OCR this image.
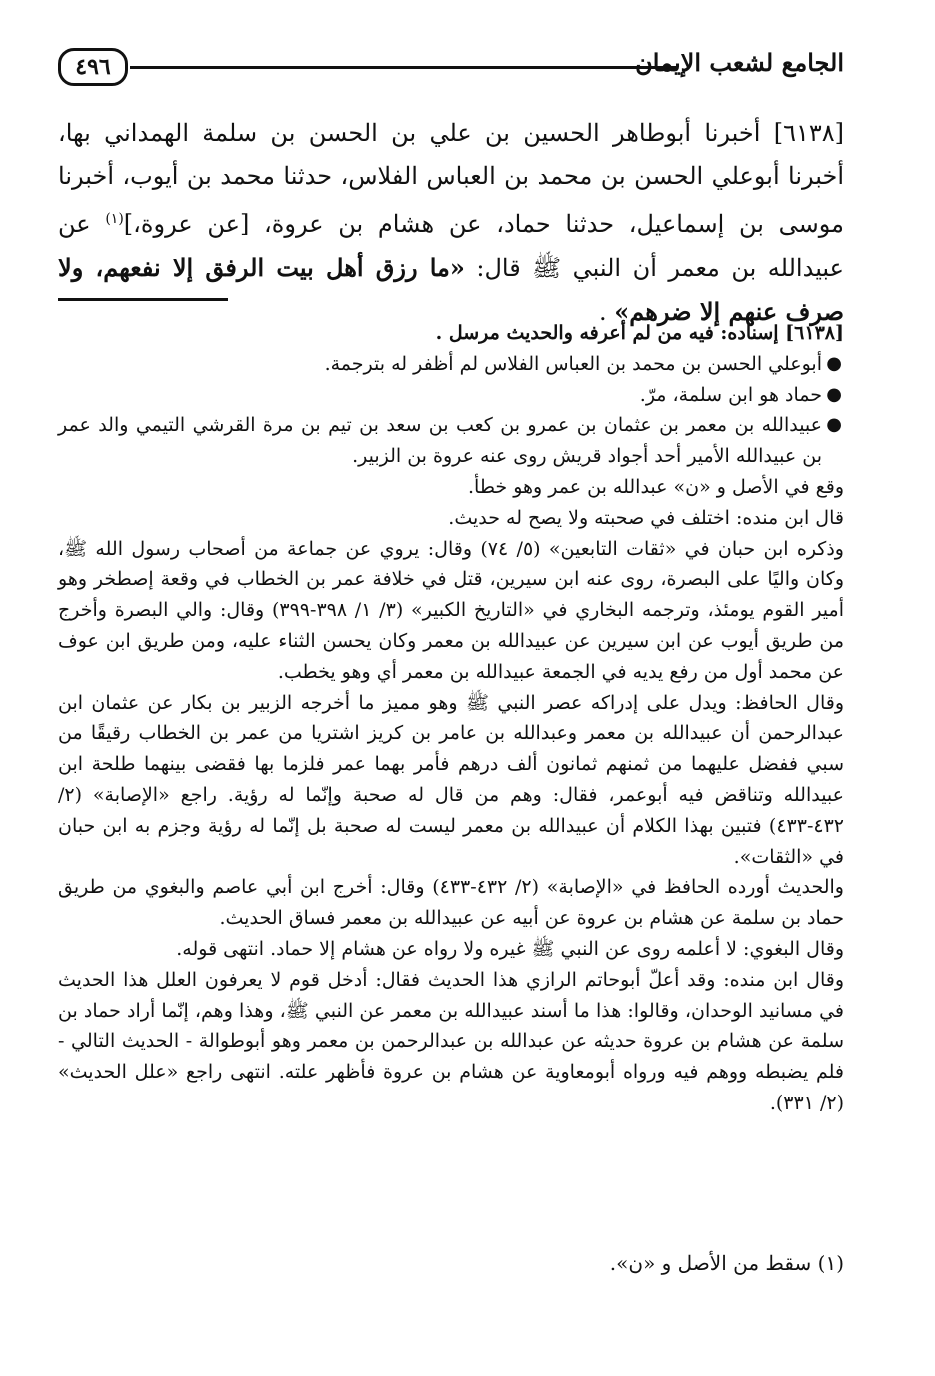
٤٩٦	الجامع لشعب الإيمان

[٦١٣٨] أخبرنا أبوطاهر الحسين بن علي بن الحسن بن سلمة الهمداني بها، أخبرنا أبوعلي الحسن بن محمد بن العباس الفلاس، حدثنا محمد بن أيوب، أخبرنا موسى بن إسماعيل، حدثنا حماد، عن هشام بن عروة، [عن عروة،]$^{(١)}$ عن عبيدالله بن معمر أن النبي ﷺ قال: «ما رزق أهل بيت الرفق إلا نفعهم، ولا صرف عنهم إلا ضرهم» .

[٦١٣٨] إسناده: فيه من لم أعرفه والحديث مرسل .

●
أبوعلي الحسن بن محمد بن العباس الفلاس لم أظفر له بترجمة.
●
حماد هو ابن سلمة، مرّ.
●
عبيدالله بن معمر بن عثمان بن عمرو بن كعب بن سعد بن تيم بن مرة القرشي التيمي والد عمر بن عبيدالله الأمير أحد أجواد قريش روى عنه عروة بن الزبير.

وقع في الأصل و «ن» عبدالله بن عمر وهو خطأ.

قال ابن منده: اختلف في صحبته ولا يصح له حديث.

وذكره ابن حبان في «ثقات التابعين» (٥/ ٧٤) وقال: يروي عن جماعة من أصحاب رسول الله ﷺ، وكان واليًا على البصرة، روى عنه ابن سيرين، قتل في خلافة عمر بن الخطاب في وقعة إصطخر وهو أمير القوم يومئذ، وترجمه البخاري في «التاريخ الكبير» (٣/ ١/ ٣٩٨-٣٩٩) وقال: والي البصرة وأخرج من طريق أيوب عن ابن سيرين عن عبيدالله بن معمر وكان يحسن الثناء عليه، ومن طريق ابن عوف عن محمد أول من رفع يديه في الجمعة عبيدالله بن معمر أي وهو يخطب.

وقال الحافظ: ويدل على إدراكه عصر النبي ﷺ وهو مميز ما أخرجه الزبير بن بكار عن عثمان ابن عبدالرحمن أن عبيدالله بن معمر وعبدالله بن عامر بن كريز اشتريا من عمر بن الخطاب رقيقًا من سبي ففضل عليهما من ثمنهم ثمانون ألف درهم فأمر بهما عمر فلزما بها فقضى بينهما طلحة ابن عبيدالله وتناقض فيه أبوعمر، فقال: وهم من قال له صحبة وإنّما له رؤية. راجع «الإصابة» (٢/ ٤٣٢-٤٣٣) فتبين بهذا الكلام أن عبيدالله بن معمر ليست له صحبة بل إنّما له رؤية وجزم به ابن حبان في «الثقات».

والحديث أورده الحافظ في «الإصابة» (٢/ ٤٣٢-٤٣٣) وقال: أخرج ابن أبي عاصم والبغوي من طريق حماد بن سلمة عن هشام بن عروة عن أبيه عن عبيدالله بن معمر فساق الحديث.

وقال البغوي: لا أعلمه روى عن النبي ﷺ غيره ولا رواه عن هشام إلا حماد. انتهى قوله.

وقال ابن منده: وقد أعلّ أبوحاتم الرازي هذا الحديث فقال: أدخل قوم لا يعرفون العلل هذا الحديث في مسانيد الوحدان، وقالوا: هذا ما أسند عبيدالله بن معمر عن النبي ﷺ، وهذا وهم، إنّما أراد حماد بن سلمة عن هشام بن عروة حديثه عن عبدالله بن عبدالرحمن بن معمر وهو أبوطوالة - الحديث التالي - فلم يضبطه ووهم فيه ورواه أبومعاوية عن هشام بن عروة فأظهر علته. انتهى راجع «علل الحديث» (٢/ ٣٣١).

(١) سقط من الأصل و «ن».
